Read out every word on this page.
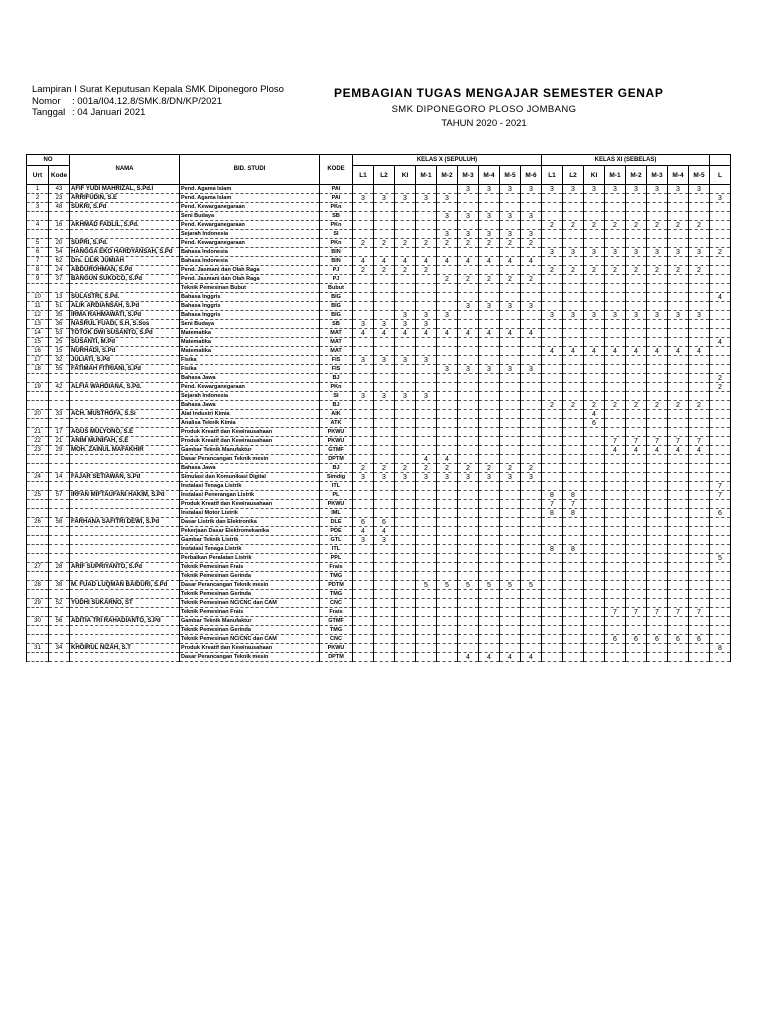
Lampiran I Surat Keputusan Kepala SMK Diponegoro Ploso
Nomor : 001a/I04.12.8/SMK.8/DN/KP/2021
Tanggal : 04 Januari 2021
PEMBAGIAN TUGAS MENGAJAR SEMESTER GENAP
SMK DIPONEGORO PLOSO JOMBANG
TAHUN 2020 - 2021
NO		NAMA	BID. STUDI	KODE	KELAS X (SEPULUH)									KELAS XI (SEBELAS)								
Urt	Kode				L1	L2	KI	M-1	M-2	M-3	M-4	M-5	M-6	L1	L2	KI	M-1	M-2	M-3	M-4	M-5	L
1	43	AFIF YUDI MAHRIZAL, S.Pd.I	Pend. Agama Islam	PAI						3	3	3	3	3	3	3	3	3	3	3	3	
2	23	ARRIFUDIN, S.E	Pend. Agama Islam	PAI	3	3	3	3	3													3
3	48	SUKRI, S.Pd	Pend. Kewarganegaraan	PKn																		
			Seni Budaya	SB					3	3	3	3	3									
4	16	AKHMAD FADLIL, S.Pd.	Pend. Kewarganegaraan	PKn										2	2	2	2	2	2	2	2	
			Sejarah Indonesia	SI					3	3	3	3	3									
5	20	SUPRI, S.Pd.	Pend. Kewarganegaraan	PKn	2	2	2	2	2	2	2	2	2									
6	54	HANGGA EKO HARDYANSAH, S.Pd	Bahasa Indonesia	BIN										3	3	3	3	3	3	3	3	2
7	62	Drs. LILIK JUMIAH	Bahasa Indonesia	BIN	4	4	4	4	4	4	4	4	4									
8	24	ABDUROHMAN, S.Pd	Pend. Jasmani dan Olah Raga	PJ	2	2	2	2						2	2	2	2	2	2	2	2	
9	37	BANGUN SUKOCO, S.Pd	Pend. Jasmani dan Olah Raga	PJ					2	2	2	2	2									
			Teknik Pemesinan Bubut	Bubut																		
10	13	SULASTRI, S.Pd.	Bahasa Inggris	BIG																		4
11	51	ALIK ARDIANSAH, S.Pd	Bahasa Inggris	BIG						3	3	3	3									
12	35	IRMA RAHMAWATI, S.Pd	Bahasa Inggris	BIG			3	3	3					3	3	3	3	3	3	3	3	
13	36	NASRUL FUADI, S.H, S.Sos	Seni Budaya	SB	3	3	3	3														
14	53	TOTOK DWI SUSANTO, S.Pd	Matematika	MAT	4	4	4	4	4	4	4	4	4									
15	25	SUSANTI, M.Pd	Matematika	MAT																		4
16	15	NURHADI, S.Pd	Matematika	MAT										4	4	4	4	4	4	4	4	
17	32	JULIATI, S.Pd	Fisika	FIS	3	3	3	3														
18	55	FATIMAH FITRIANI, S.Pd	Fisika	FIS					3	3	3	3	3									
			Bahasa Jawa	BJ																		2
19	42	ALFIA WAHDIANA, S.Pd.	Pend. Kewarganegaraan	PKn																		2
			Sejarah Indonesia	SI	3	3	3	3														
			Bahasa Jawa	BJ										2	2	2	2	2	2	2	2	
20	33	ACH. MUSTHOFA, S.Si	Alat Industri Kimia	AIK												4						
			Analisa Teknik Kimia	ATK												6						
21	17	AGUS MULYONO, S.E	Produk Kreatif dan Kewirausahaan	PKWU																		
22	21	ANIM MUNIFAH, S.E	Produk Kreatif dan Kewirausahaan	PKWU													7	7	7	7	7	
23	29	MOH. ZAINUL MAFAKHIR	Gambar Teknik Manufaktur	GTMF													4	4	4	4	4	
			Dasar Perancangan Teknik mesin	DPTM				4	4													
			Bahasa Jawa	BJ	2	2	2	2	2	2	2	2	2									
24	14	FAJAR SETIAWAN, S.Pd	Simulasi dan Komunikasi Digital	Simdig	3	3	3	3	3	3	3	3	3									
			Instalasi Tenaga Listrik	ITL																		7
25	57	IRFAN MIFTAUFANI HAKIM, S.Pd	Instalasi Penerangan Listrik	PL										8	8							7
			Produk Kreatif dan Kewirausahaan	PKWU										7	7							
			Instalasi Motor Listrik	IML										8	8							6
26	58	FARHANA SAFITRI DEWI, S.Pd	Dasar Listrik dan Elektronika	DLE	6	6																
			Pekerjaan Dasar Elektromekanika	PDE	4	4																
			Gambar Teknik Listrik	GTL	3	3																
			Instalasi Tenaga Listrik	ITL										8	8							
			Perbaikan Peralatan Listrik	PPL																		5
27	28	ARIF SUPRIYANTO, S.Pd	Teknik Pemesinan Frais	Frais																		
			Teknik Pemesinan Gerinda	TMG																		
28	38	M. FUAD LUQMAN BAIDURI, S.Pd	Dasar Perancangan Teknik mesin	PDTM				5	5	5	5	5	5									
			Teknik Pemesinan Gerinda	TMG																		
29	52	YUDHI SUKARNO, ST	Teknik Pemesinan NC/CNC dan CAM	CNC																		
			Teknik Pemesinan Frais	Frais													7	7	7	7	7	
30	56	ADITIA TRI RAHADIANTO, S.Pd	Gambar Teknik Manufaktur	GTMF																		
			Teknik Pemesinan Gerinda	TMG																		
			Teknik Pemesinan NC/CNC dan CAM	CNC													6	6	6	6	6	
31	34	KHOIRUL NIZAH, S.T	Produk Kreatif dan Kewirausahaan	PKWU																		8
			Dasar Perancangan Teknik mesin	DPTM						4	4	4	4									
